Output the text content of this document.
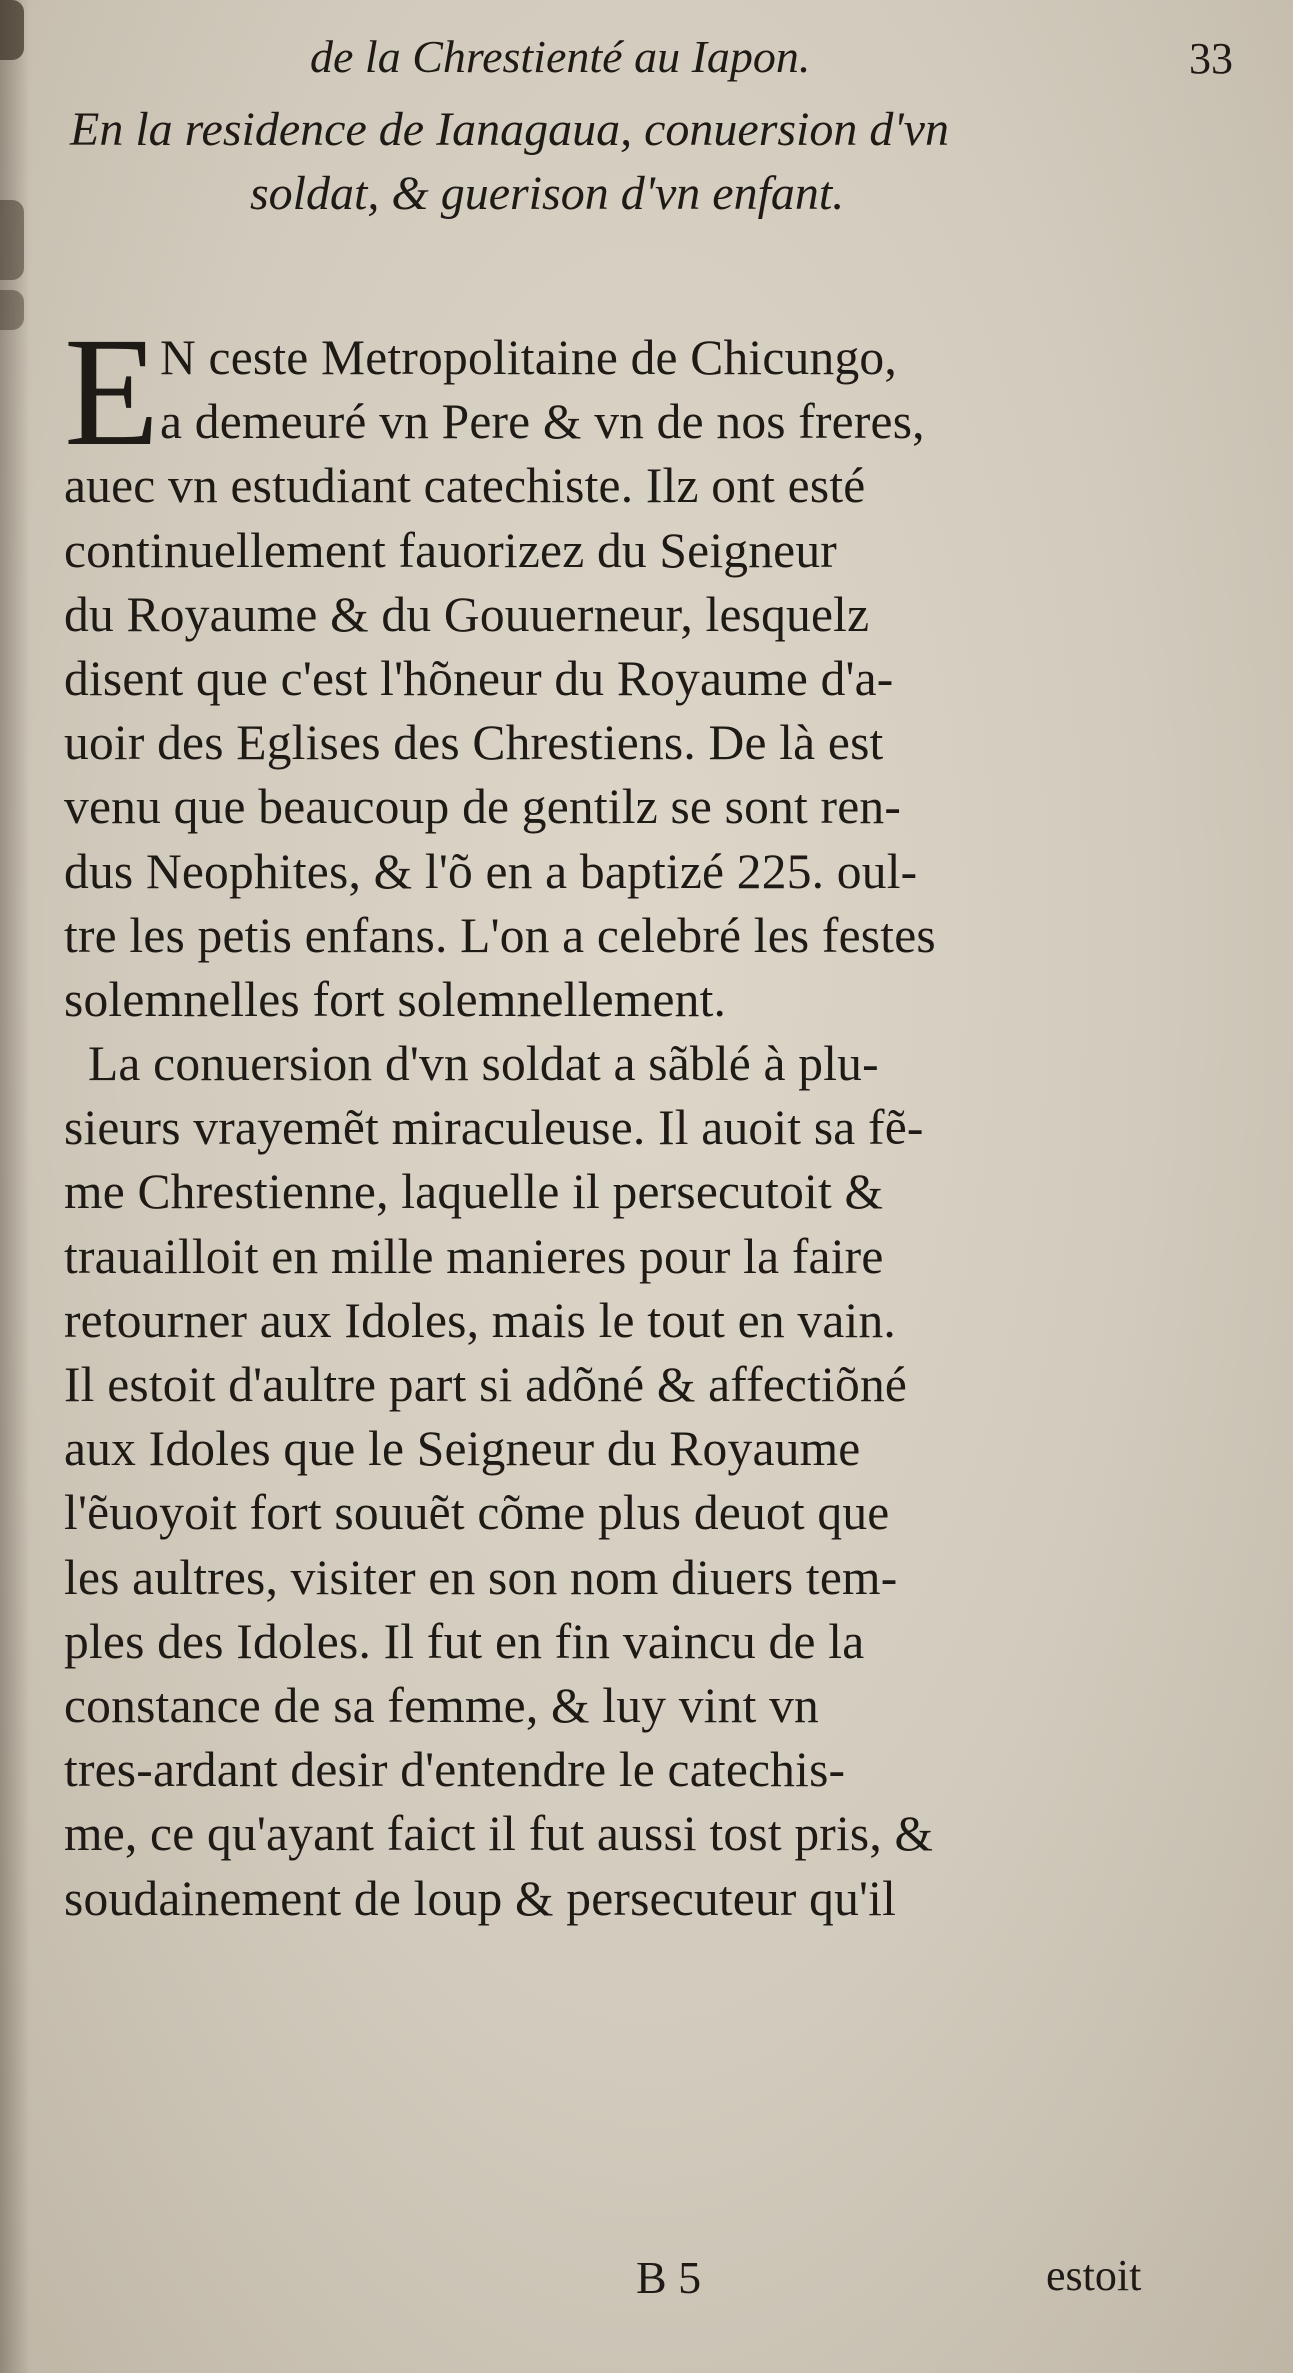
de la Chrestienté au Iapon.	33
En la residence de Ianagaua, conuersion d'vn
soldat, & guerison d'vn enfant.
E N ceste Metropolitaine de Chicungo,
a demeuré vn Pere & vn de nos freres,
auec vn estudiant catechiste. Ilz ont esté
continuellement fauorizez du Seigneur
du Royaume & du Gouuerneur, lesquelz
disent que c'est l'hõneur du Royaume d'a-
uoir des Eglises des Chrestiens. De là est
venu que beaucoup de gentilz se sont ren-
dus Neophites, & l'õ en a baptizé 225. oul-
tre les petis enfans. L'on a celebré les festes
solemnelles fort solemnellement.
La conuersion d'vn soldat a sãblé à plu-
sieurs vrayemẽt miraculeuse. Il auoit sa fẽ-
me Chrestienne, laquelle il persecutoit &
trauailloit en mille manieres pour la faire
retourner aux Idoles, mais le tout en vain.
Il estoit d'aultre part si adõné & affectiõné
aux Idoles que le Seigneur du Royaume
l'ẽuoyoit fort souuẽt cõme plus deuot que
les aultres, visiter en son nom diuers tem-
ples des Idoles. Il fut en fin vaincu de la
constance de sa femme, & luy vint vn
tres-ardant desir d'entendre le catechis-
me, ce qu'ayant faict il fut aussi tost pris, &
soudainement de loup & persecuteur qu'il
B 5	estoit
